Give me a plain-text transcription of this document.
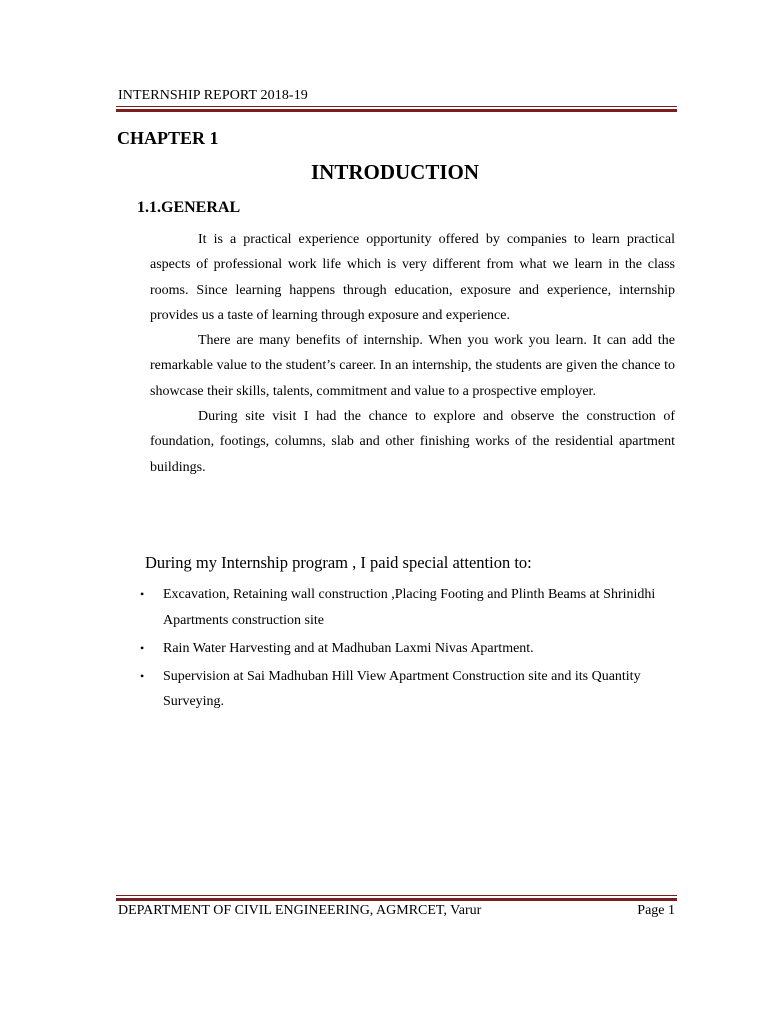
INTERNSHIP REPORT 2018-19
CHAPTER 1
INTRODUCTION
1.1.GENERAL

It is a practical experience opportunity offered by companies to learn practical aspects of professional work life which is very different from what we learn in the class rooms. Since learning happens through education, exposure and experience, internship provides us a taste of learning through exposure and experience.

There are many benefits of internship. When you work you learn. It can add the remarkable value to the student’s career. In an internship, the students are given the chance to showcase their skills, talents, commitment and value to a prospective employer.

During site visit I had the chance to explore and observe the construction of foundation, footings, columns, slab and other finishing works of the residential apartment buildings.

During my Internship program , I paid special attention to:
• Excavation, Retaining wall construction ,Placing Footing and Plinth Beams at Shrinidhi Apartments construction site
• Rain Water Harvesting and at Madhuban Laxmi Nivas Apartment.
• Supervision at Sai Madhuban Hill View Apartment Construction site and its Quantity Surveying.
DEPARTMENT OF CIVIL ENGINEERING, AGMRCET, Varur	Page 1
